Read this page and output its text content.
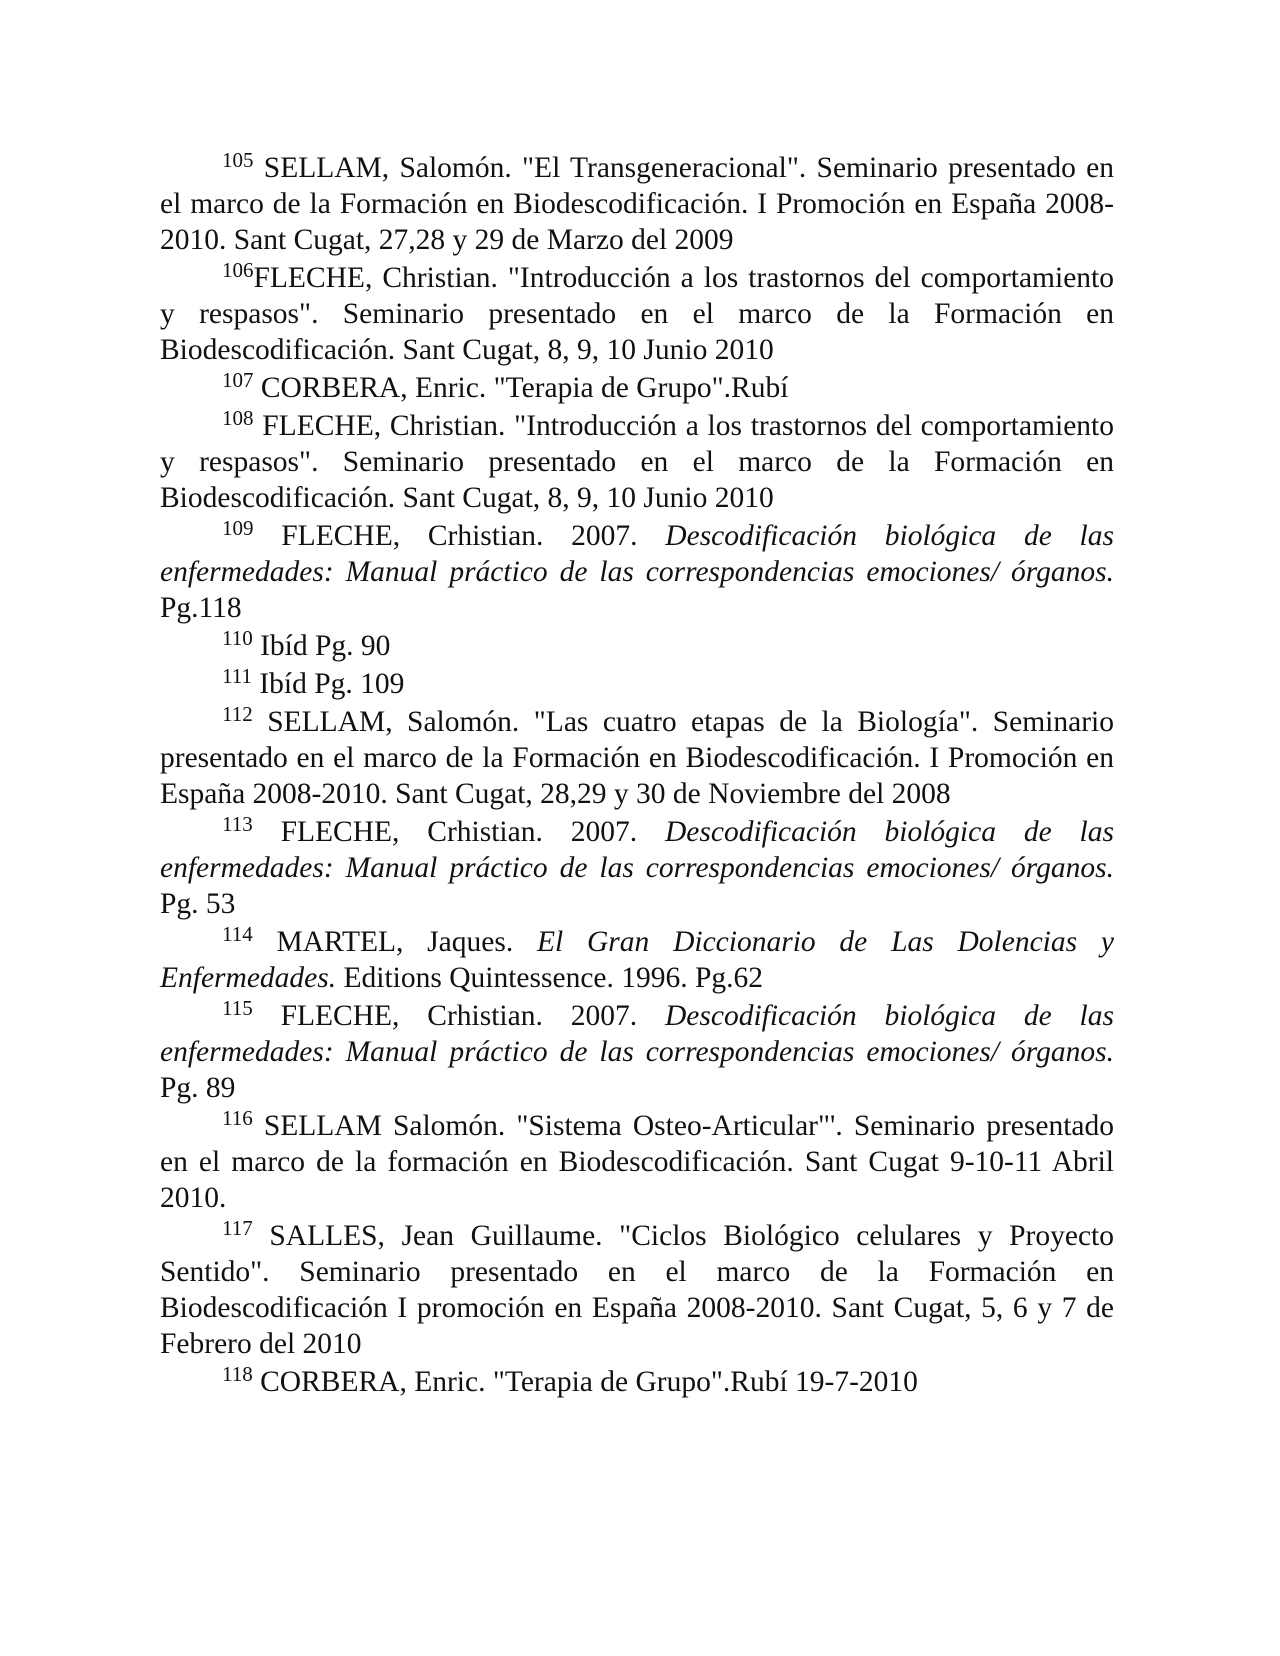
$^{105}$ SELLAM, Salomón. "El Transgeneracional". Seminario presentado en el marco de la Formación en Biodescodificación. I Promoción en España 2008-2010. Sant Cugat, 27,28 y 29 de Marzo del 2009

$^{106}$FLECHE, Christian. "Introducción a los trastornos del comportamiento y respasos". Seminario presentado en el marco de la Formación en Biodescodificación. Sant Cugat, 8, 9, 10 Junio 2010

$^{107}$ CORBERA, Enric. "Terapia de Grupo".Rubí

$^{108}$ FLECHE, Christian. "Introducción a los trastornos del comportamiento y respasos". Seminario presentado en el marco de la Formación en Biodescodificación. Sant Cugat, 8, 9, 10 Junio 2010

$^{109}$ FLECHE, Crhistian. 2007. Descodificación biológica de las enfermedades: Manual práctico de las correspondencias emociones/ órganos. Pg.118

$^{110}$ Ibíd Pg. 90

$^{111}$ Ibíd Pg. 109

$^{112}$ SELLAM, Salomón. "Las cuatro etapas de la Biología". Seminario presentado en el marco de la Formación en Biodescodificación. I Promoción en España 2008-2010. Sant Cugat, 28,29 y 30 de Noviembre del 2008

$^{113}$ FLECHE, Crhistian. 2007. Descodificación biológica de las enfermedades: Manual práctico de las correspondencias emociones/ órganos. Pg. 53

$^{114}$ MARTEL, Jaques. El Gran Diccionario de Las Dolencias y Enfermedades. Editions Quintessence. 1996. Pg.62

$^{115}$ FLECHE, Crhistian. 2007. Descodificación biológica de las enfermedades: Manual práctico de las correspondencias emociones/ órganos. Pg. 89

$^{116}$ SELLAM Salomón. "Sistema Osteo-Articular"'. Seminario presentado en el marco de la formación en Biodescodificación. Sant Cugat 9-10-11 Abril 2010.

$^{117}$ SALLES, Jean Guillaume. "Ciclos Biológico celulares y Proyecto Sentido". Seminario presentado en el marco de la Formación en Biodescodificación I promoción en España 2008-2010. Sant Cugat, 5, 6 y 7 de Febrero del 2010

$^{118}$ CORBERA, Enric. "Terapia de Grupo".Rubí 19-7-2010
